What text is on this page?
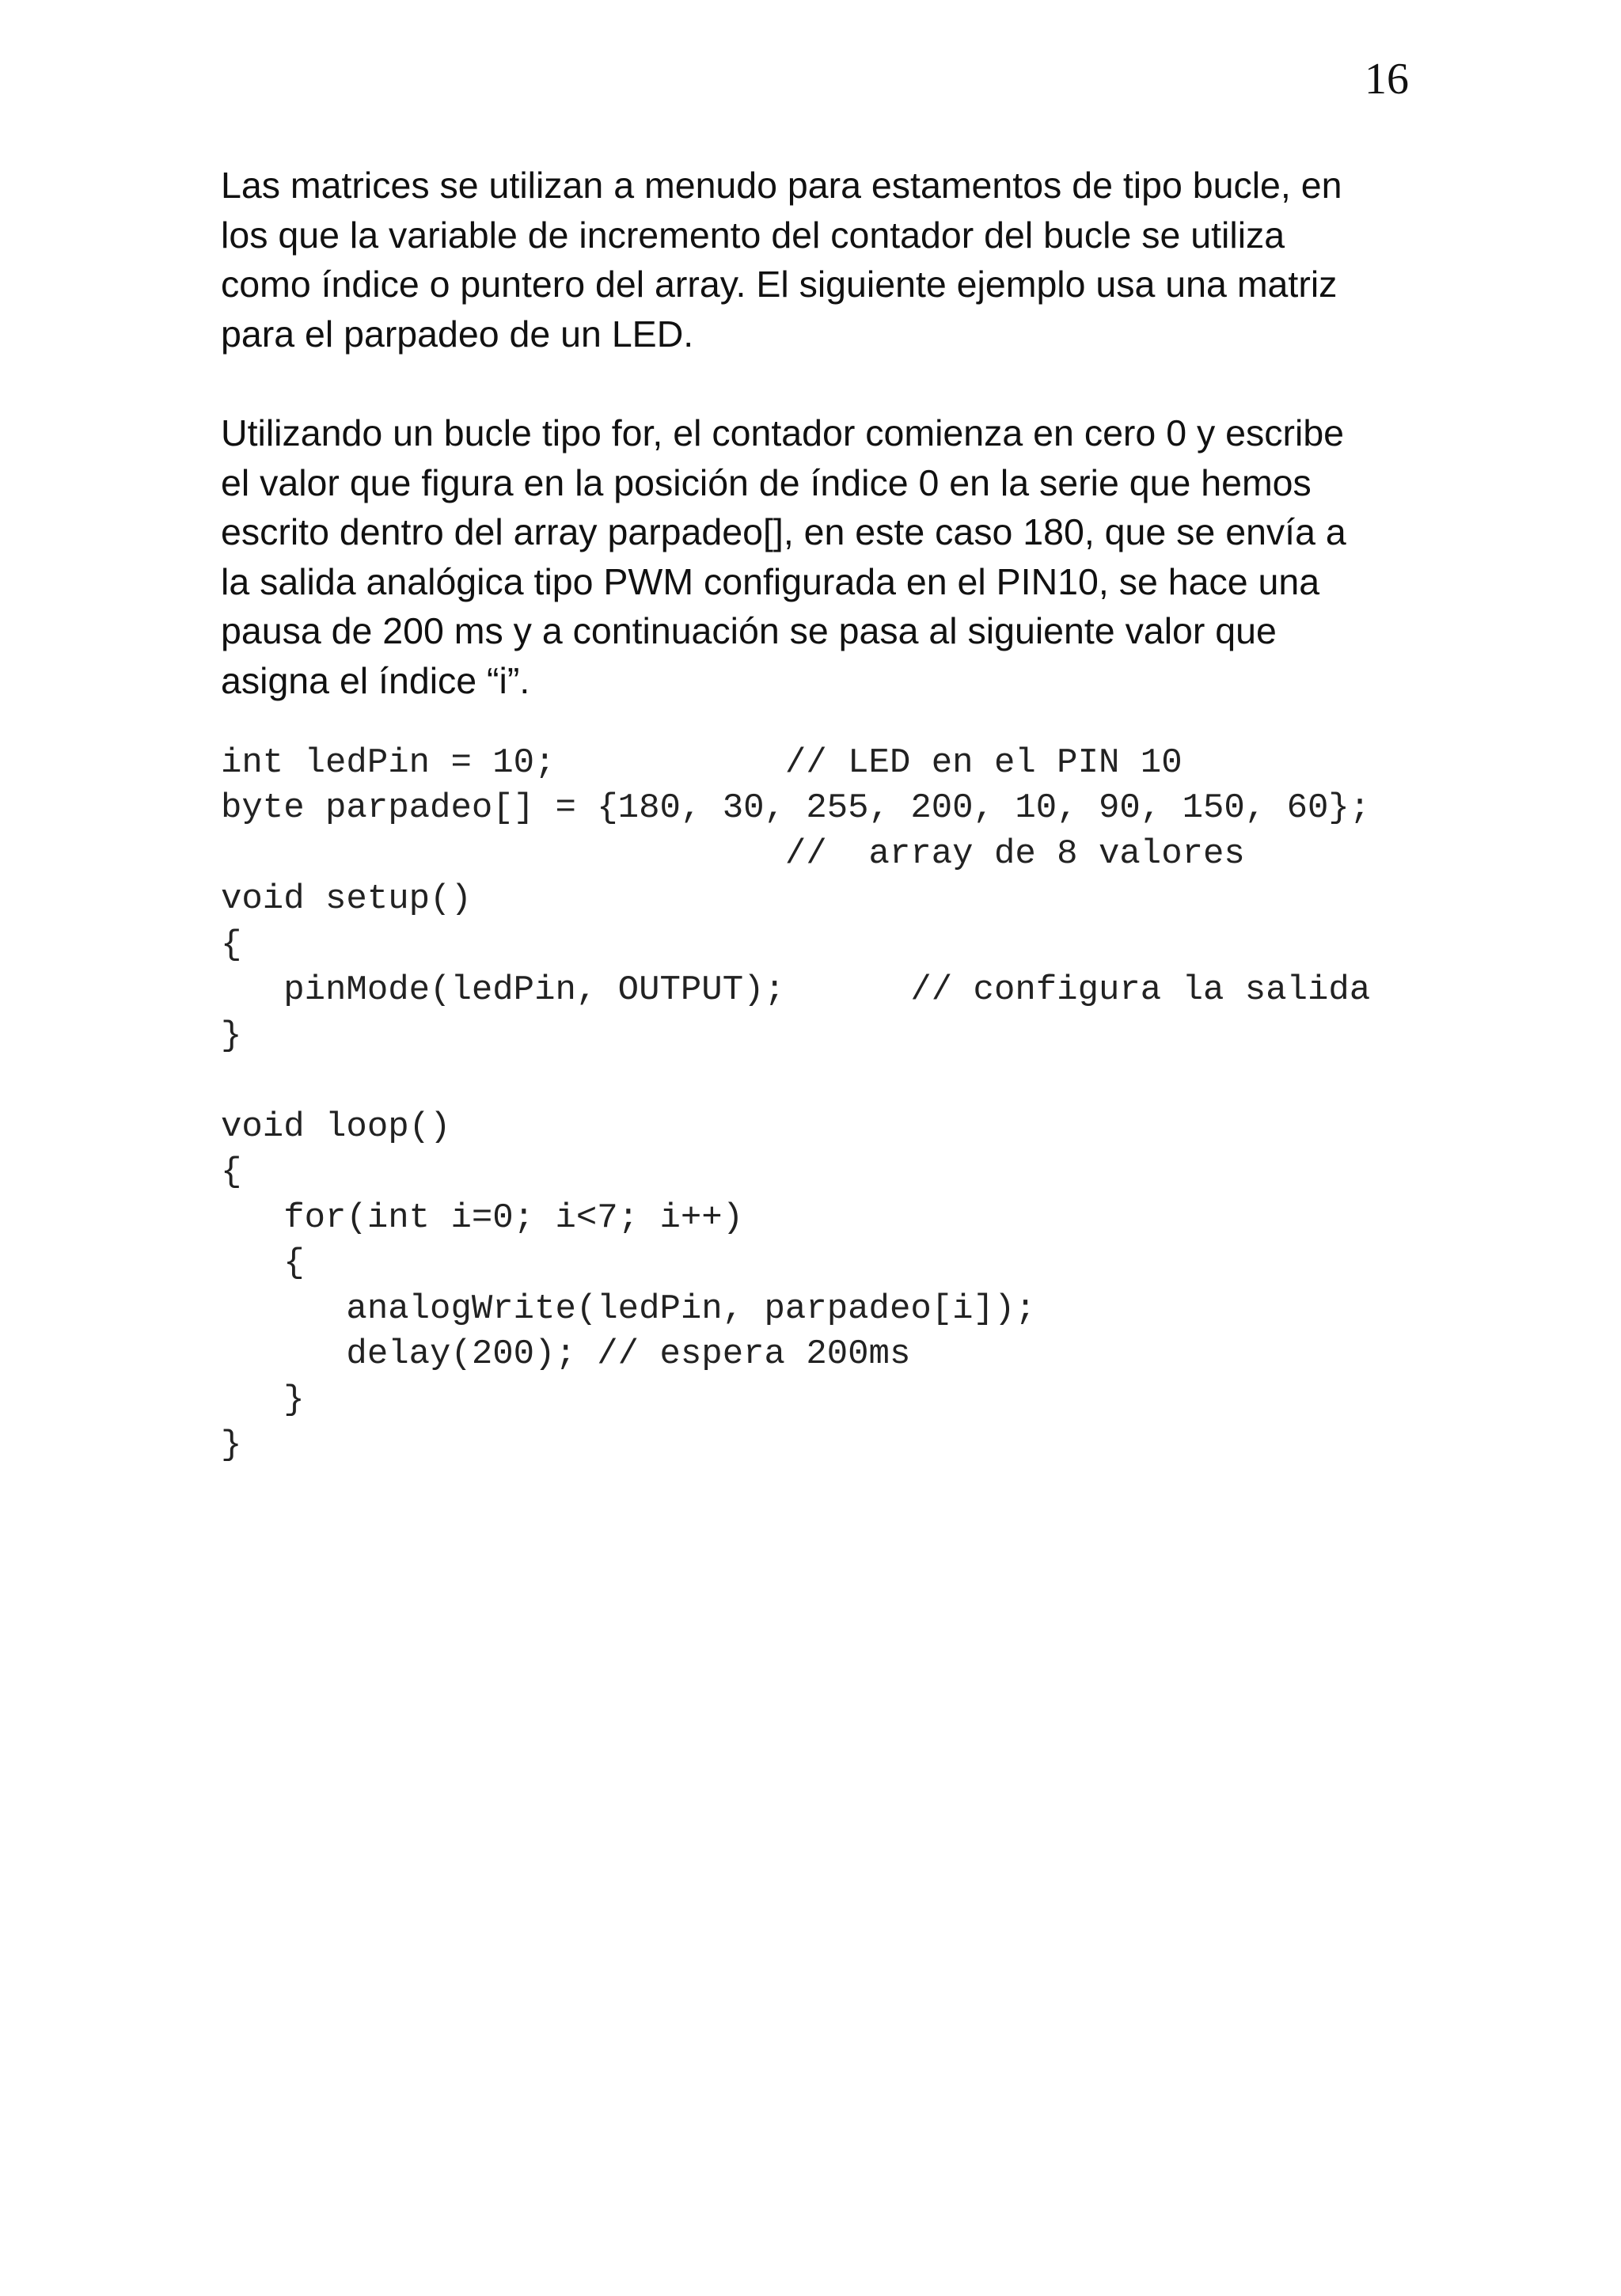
16

Las matrices se utilizan a menudo para estamentos de tipo bucle, en
los que la variable de incremento del contador del bucle se utiliza
como índice o puntero del array. El siguiente ejemplo usa una matriz
para el parpadeo de un LED.

Utilizando un bucle tipo for, el contador comienza en cero 0 y escribe
el valor que figura en la posición de índice 0 en la serie que hemos
escrito dentro del array parpadeo[], en este caso 180, que se envía a
la salida analógica tipo PWM configurada en el PIN10, se hace una
pausa de 200 ms y a continuación se pasa al siguiente valor que
asigna el índice “i”.

int ledPin = 10;           // LED en el PIN 10
byte parpadeo[] = {180, 30, 255, 200, 10, 90, 150, 60};
//  array de 8 valores
void setup()
{
pinMode(ledPin, OUTPUT);      // configura la salida
}
void loop()
{
for(int i=0; i<7; i++)
{
analogWrite(ledPin, parpadeo[i]);
delay(200); // espera 200ms
}
}
